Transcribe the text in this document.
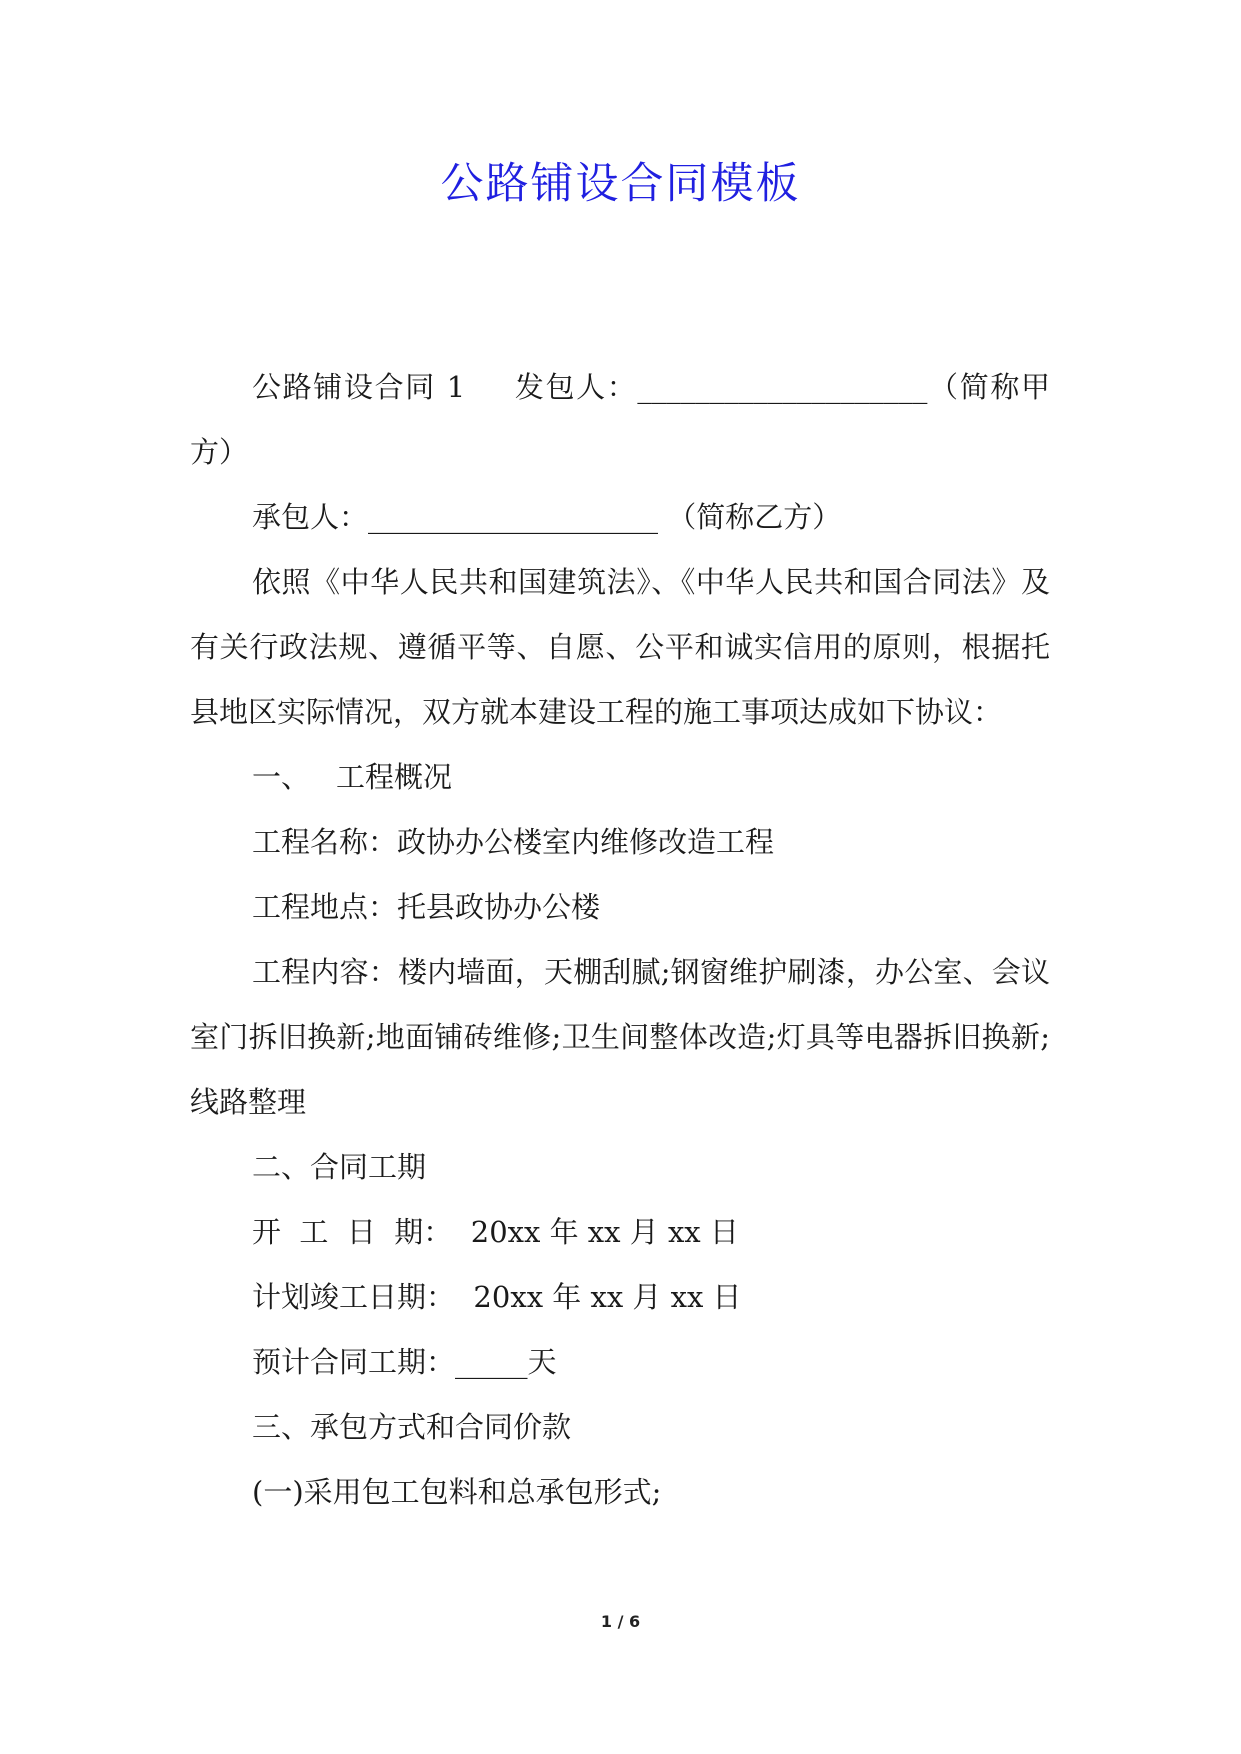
公路铺设合同模板

公路铺设合同 1 发包人：____________________（简称甲方）

承包人：____________________ （简称乙方）

依照《中华人民共和国建筑法》、《中华人民共和国合同法》及有关行政法规、遵循平等、自愿、公平和诚实信用的原则，根据托县地区实际情况，双方就本建设工程的施工事项达成如下协议：

一、 工程概况

工程名称：政协办公楼室内维修改造工程

工程地点：托县政协办公楼

工程内容：楼内墙面，天棚刮腻;钢窗维护刷漆，办公室、会议室门拆旧换新;地面铺砖维修;卫生间整体改造;灯具等电器拆旧换新;线路整理

二、合同工期

开  工  日  期：  20xx 年 xx 月 xx 日

计划竣工日期：  20xx 年 xx 月 xx 日

预计合同工期：_____天

三、承包方式和合同价款

(一)采用包工包料和总承包形式;

1 / 6
